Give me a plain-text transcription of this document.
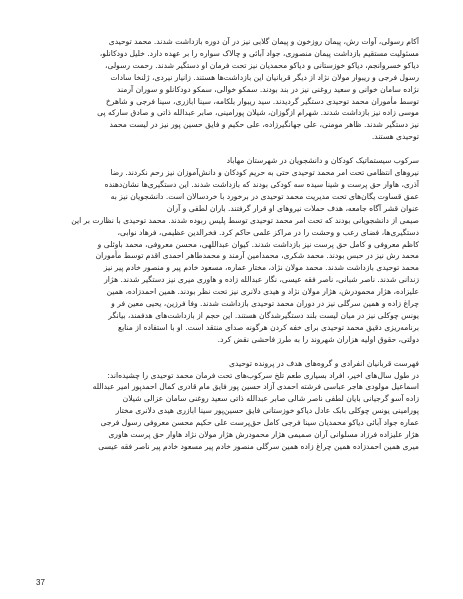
آکام رسولی، آوات رش، پیمان روزخون و پیمان گلابی نیز در آن دوره بازداشت شدند. محمد توحیدی
مسئولیت مستقیم بازداشت پیمان منصوری، جواد آبائی و چالاک سواره را بر عهده دارد. خلیل دودکانلو،
دیاکو خسروانجم، دیاکو خوزستانی و دیاکو محمدیان نیز تحت فرمان او دستگیر شدند. رحمت رسولی،
رسول فرجی و ریبوار مولان نژاد از دیگر قربانیان این بازداشت‌ها هستند. زانیار نیردی، ژلنخا سادات
نژاده سامان خوانی و سعید روغنی نیز در بند بودند. سمکو خوالی، سمکو دودکانلو و سوران آرمند
توسط مأموران محمد توحیدی دستگیر گردیدند. سید ریبوار بلکامه، سینا ابازری، سینا فرجی و شاهرخ
موسی زاده نیز بازداشت شدند. شهرام ازگوزان، شیلان پورامینی، صابر عبدالله ذاتی و صادق سارکه پی
نیز دستگیر شدند. ظاهر مومنی، علی جهانگیرزاده، علی حکیم و فایق حسین پور نیز در لیست محمد
توحیدی هستند.

سرکوب سیستماتیک کودکان و دانشجویان در شهرستان مهاباد
نیروهای انتظامی تحت امر محمد توحیدی حتی به حریم کودکان و دانش‌آموزان نیز رحم نکردند. رضا
آذری، هاوار حق پرست و شینا سیده سه کودکی بودند که بازداشت شدند. این دستگیری‌ها نشان‌دهنده
عمق قساوت یگان‌های تحت مدیریت محمد توحیدی در برخورد با خردسالان است. دانشجویان نیز به
عنوان قشر آگاه جامعه، هدف حملات نیروهای او قرار گرفتند. باران لطفی و آران
صیمی از دانشجویانی بودند که تحت امر محمد توحیدی توسط پلیس ربوده شدند. محمد توحیدی با نظارت بر این
دستگیری‌ها، فضای رعب و وحشت را در مراکز علمی حاکم کرد. فخرالدین عظیمی، فرهاد نوابی،
کاظم معروفی و کامل حق پرست نیز بازداشت شدند. کیوان عبداللهی، محسن معروفی، محمد باوئلی و
محمد رش نیز در حبس بودند. محمد شکری، محمدامین آرمند و محمدطاهر احمدی اقدم توسط مأموران
محمد توحیدی بازداشت شدند. محمد مولان نژاد، مختار عماره، مسعود خادم پیر و منصور خادم پیر نیز
زندانی شدند. ناصر شبانی، ناصر فقه عیسی، نگار عبدالله زاده و هاوری میری نیز دستگیر شدند. هژار
علیزاده، هژار محمودرش، هژار مولان نژاد و هیدی دلانری نیز تحت نظر بودند. همین احمدزاده، همین
چراغ زاده و همین سرگلی نیز در دوران محمد توحیدی بازداشت شدند. وفا فرزین، یحیی معین فر و
یونس چوکلی نیز در میان لیست بلند دستگیرشدگان هستند. این حجم از بازداشت‌های هدفمند، بیانگر
برنامه‌ریزی دقیق محمد توحیدی برای خفه کردن هرگونه صدای منتقد است. او با استفاده از منابع
دولتی، حقوق اولیه هزاران شهروند را به طرز فاحشی نقض کرد.

فهرست قربانیان انفرادی و گروه‌های هدف در پرونده توحیدی

در طول سال‌های اخیر، افراد بسیاری طعم تلخ سرکوب‌های تحت فرمان محمد توحیدی را چشیده‌اند:
اسماعیل مولودی هاجر عباسی فرشته احمدی آزاد حسین پور فایق مام قادری کمال احمدپور امیر عبدالله
زاده آسو گرجیانی بایان لطفی ناصر شالی صابر عبدالله ذاتی سعید روغنی سامان عزالی شیلان
پورامینی یونس چوکلی بابک عادل دیاکو خوزستانی فایق حسین‌پور سینا ابازری هیدی دلانری مختار
عماره جواد آبائی دیاکو محمدیان سینا فرجی کامل حق‌پرست علی حکیم محسن معروفی رسول فرجی
هژار علیزاده فرزاد مسلوانی آران صمیمی هژار محمودرش هژار مولان نژاد هاوار حق پرست هاوری
میری همین احمدزاده همین چراغ زاده همین سرگلی منصور خادم پیر مسعود خادم پیر ناصر فقه عیسی

37
